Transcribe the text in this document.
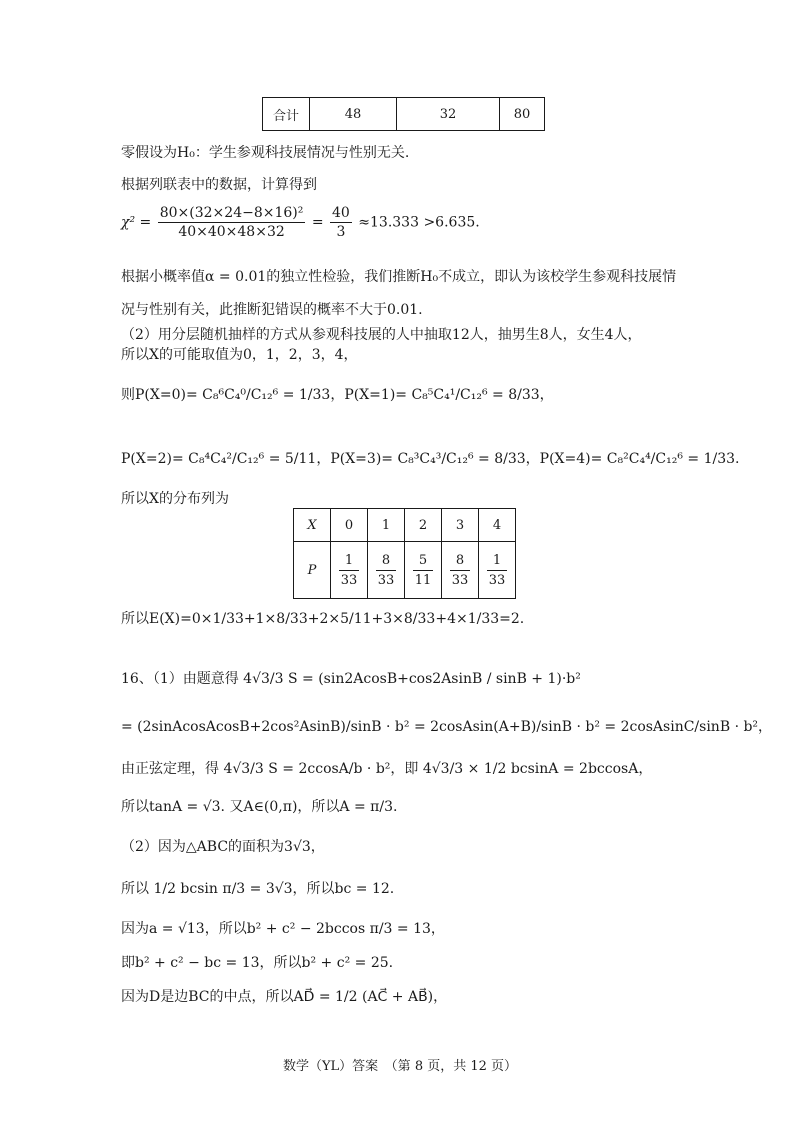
合计	48	32	80
零假设为H₀：学生参观科技展情况与性别无关.
根据列联表中的数据，计算得到
$\chi^2 = \frac{\text{80×(32×24−8×16)²}}{40\times 40\times 48\times 32} = \frac{40}{3} \approx 13.333 >6.635$.
根据小概率值α = 0.01的独立性检验，我们推断H₀不成立，即认为该校学生参观科技展情
况与性别有关，此推断犯错误的概率不大于0.01.
（2）用分层随机抽样的方式从参观科技展的人中抽取12人，抽男生8人，女生4人，
所以X的可能取值为0，1，2，3，4，
则P(X=0)= C₈⁶C₄⁰/C₁₂⁶ = 1/33，P(X=1)= C₈⁵C₄¹/C₁₂⁶ = 8/33，
P(X=2)= C₈⁴C₄²/C₁₂⁶ = 5/11，P(X=3)= C₈³C₄³/C₁₂⁶ = 8/33，P(X=4)= C₈²C₄⁴/C₁₂⁶ = 1/33.
所以X的分布列为
X	0	1	2	3	4
P	$\frac{1}{33}$	$\frac{8}{33}$	$\frac{5}{11}$	$\frac{8}{33}$	$\frac{1}{33}$
所以E(X)=0×1/33+1×8/33+2×5/11+3×8/33+4×1/33=2.
16、（1）由题意得 4√3/3 S = (sin2AcosB+cos2AsinB / sinB + 1)·b²
= (2sinAcosAcosB+2cos²AsinB)/sinB · b² = 2cosAsin(A+B)/sinB · b² = 2cosAsinC/sinB · b²，
由正弦定理，得 4√3/3 S = 2ccosA/b · b²，即 4√3/3 × 1/2 bcsinA = 2bccosA，
所以tanA = √3. 又A∈(0,π)，所以A = π/3.
（2）因为△ABC的面积为3√3，
所以 1/2 bcsin π/3 = 3√3，所以bc = 12.
因为a = √13，所以b² + c² − 2bccos π/3 = 13，
即b² + c² − bc = 13，所以b² + c² = 25.
因为D是边BC的中点，所以AD⃗ = 1/2 (AC⃗ + AB⃗)，
数学（YL）答案　（第 8 页，共 12 页）
